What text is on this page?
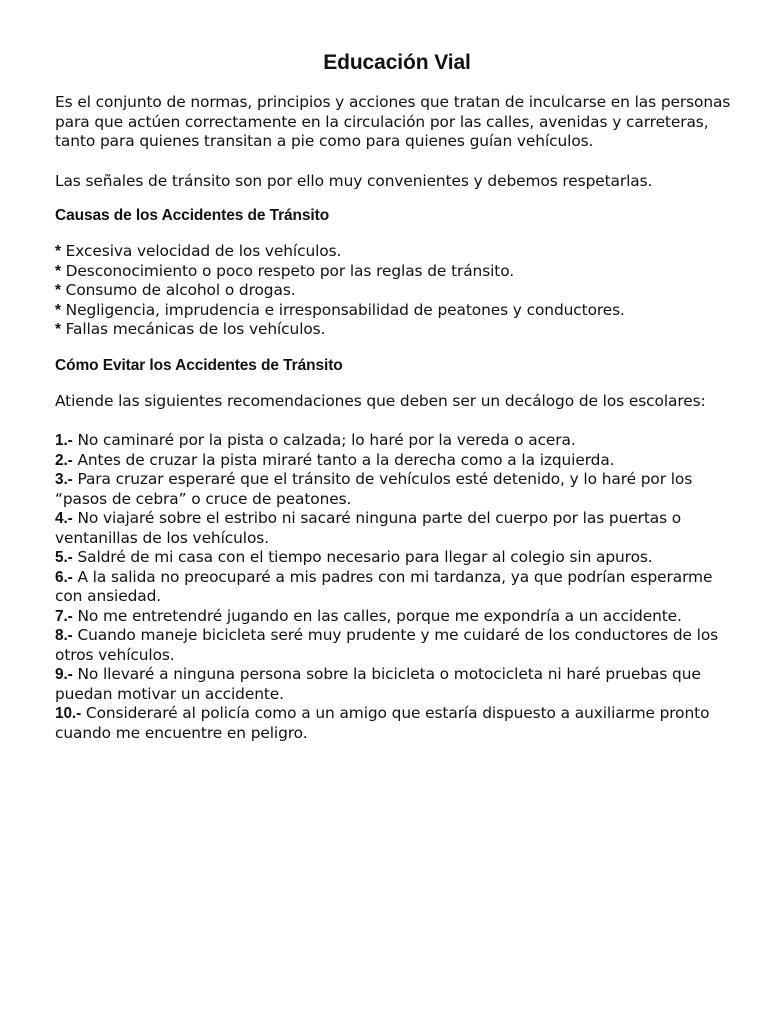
Educación Vial

Es el conjunto de normas, principios y acciones que tratan de inculcarse en las personas para que actúen correctamente en la circulación por las calles, avenidas y carreteras, tanto para quienes transitan a pie como para quienes guían vehículos.

Las señales de tránsito son por ello muy convenientes y debemos respetarlas.

Causas de los Accidentes de Tránsito
* Excesiva velocidad de los vehículos.
* Desconocimiento o poco respeto por las reglas de tránsito.
* Consumo de alcohol o drogas.
* Negligencia, imprudencia e irresponsabilidad de peatones y conductores.
* Fallas mecánicas de los vehículos.
Cómo Evitar los Accidentes de Tránsito

Atiende las siguientes recomendaciones que deben ser un decálogo de los escolares:

1.- No caminaré por la pista o calzada; lo haré por la vereda o acera.
2.- Antes de cruzar la pista miraré tanto a la derecha como a la izquierda.
3.- Para cruzar esperaré que el tránsito de vehículos esté detenido, y lo haré por los “pasos de cebra” o cruce de peatones.
4.- No viajaré sobre el estribo ni sacaré ninguna parte del cuerpo por las puertas o ventanillas de los vehículos.
5.- Saldré de mi casa con el tiempo necesario para llegar al colegio sin apuros.
6.- A la salida no preocuparé a mis padres con mi tardanza, ya que podrían esperarme con ansiedad.
7.- No me entretendré jugando en las calles, porque me expondría a un accidente.
8.- Cuando maneje bicicleta seré muy prudente y me cuidaré de los conductores de los otros vehículos.
9.- No llevaré a ninguna persona sobre la bicicleta o motocicleta ni haré pruebas que puedan motivar un accidente.
10.- Consideraré al policía como a un amigo que estaría dispuesto a auxiliarme pronto cuando me encuentre en peligro.
